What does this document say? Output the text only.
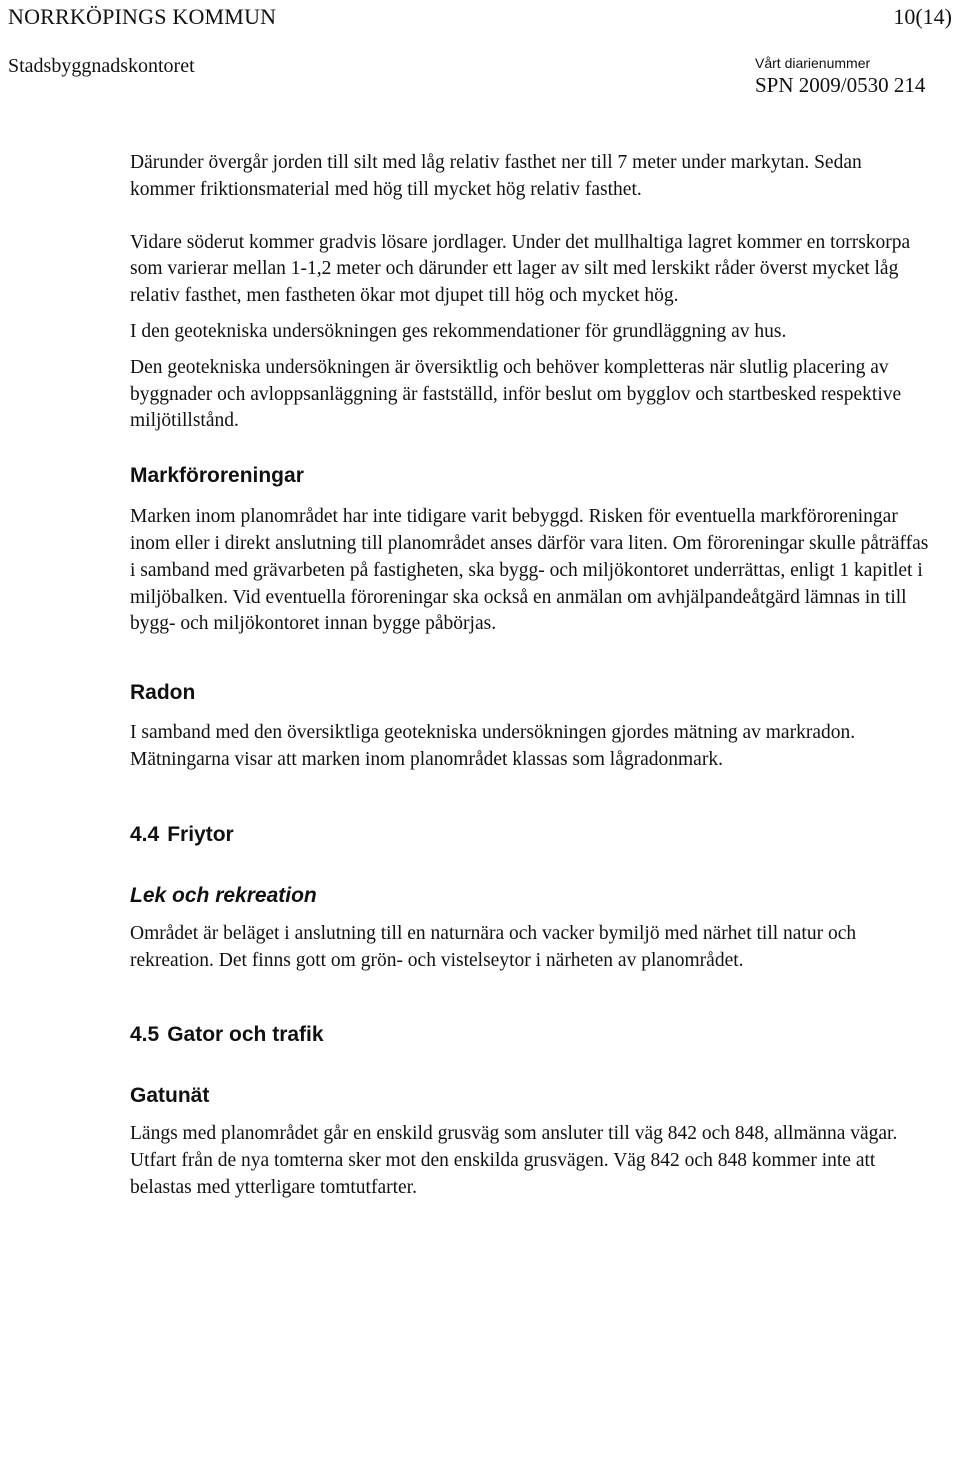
NORRKÖPINGS KOMMUN	10(14)
Stadsbyggnadskontoret	Vårt diarienummer
SPN 2009/0530 214

Därunder övergår jorden till silt med låg relativ fasthet ner till 7 meter under markytan. Sedan kommer friktionsmaterial med hög till mycket hög relativ fasthet.

Vidare söderut kommer gradvis lösare jordlager. Under det mullhaltiga lagret kommer en torrskorpa som varierar mellan 1-1,2 meter och därunder ett lager av silt med lerskikt råder överst mycket låg relativ fasthet, men fastheten ökar mot djupet till hög och mycket hög.

I den geotekniska undersökningen ges rekommendationer för grundläggning av hus.

Den geotekniska undersökningen är översiktlig och behöver kompletteras när slutlig placering av byggnader och avloppsanläggning är fastställd, inför beslut om bygglov och startbesked respektive miljötillstånd.

Markföroreningar

Marken inom planområdet har inte tidigare varit bebyggd. Risken för eventuella markföroreningar inom eller i direkt anslutning till planområdet anses därför vara liten. Om föroreningar skulle påträffas i samband med grävarbeten på fastigheten, ska bygg- och miljökontoret underrättas, enligt 1 kapitlet i miljöbalken. Vid eventuella föroreningar ska också en anmälan om avhjälpandeåtgärd lämnas in till bygg- och miljökontoret innan bygge påbörjas.

Radon

I samband med den översiktliga geotekniska undersökningen gjordes mätning av markradon. Mätningarna visar att marken inom planområdet klassas som lågradonmark.

4.4 Friytor
Lek och rekreation

Området är beläget i anslutning till en naturnära och vacker bymiljö med närhet till natur och rekreation. Det finns gott om grön- och vistelseytor i närheten av planområdet.

4.5 Gator och trafik
Gatunät

Längs med planområdet går en enskild grusväg som ansluter till väg 842 och 848, allmänna vägar. Utfart från de nya tomterna sker mot den enskilda grusvägen. Väg 842 och 848 kommer inte att belastas med ytterligare tomtutfarter.
